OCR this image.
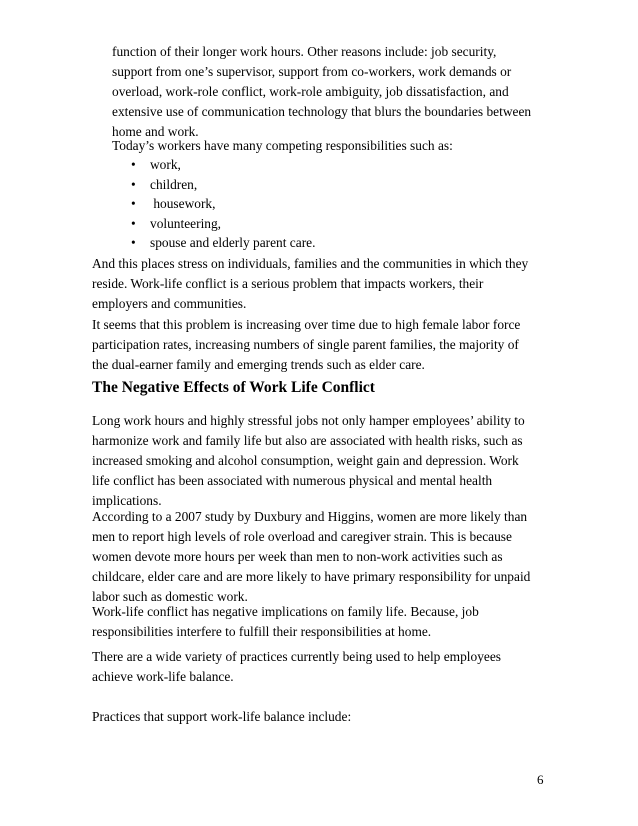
function of their longer work hours. Other reasons include: job security,
support from one’s supervisor, support from co-workers, work demands or
overload, work-role conflict, work-role ambiguity, job dissatisfaction, and
extensive use of communication technology that blurs the boundaries between
home and work.

Today’s workers have many competing responsibilities such as:

• work,
• children,
• housework,
• volunteering,
• spouse and elderly parent care.

And this places stress on individuals, families and the communities in which they
reside. Work-life conflict is a serious problem that impacts workers, their
employers and communities.

It seems that this problem is increasing over time due to high female labor force
participation rates, increasing numbers of single parent families, the majority of
the dual-earner family and emerging trends such as elder care.

The Negative Effects of Work Life Conflict

Long work hours and highly stressful jobs not only hamper employees’ ability to
harmonize work and family life but also are associated with health risks, such as
increased smoking and alcohol consumption, weight gain and depression. Work
life conflict has been associated with numerous physical and mental health
implications.

According to a 2007 study by Duxbury and Higgins, women are more likely than
men to report high levels of role overload and caregiver strain. This is because
women devote more hours per week than men to non-work activities such as
childcare, elder care and are more likely to have primary responsibility for unpaid
labor such as domestic work.

Work-life conflict has negative implications on family life. Because, job
responsibilities interfere to fulfill their responsibilities at home.

There are a wide variety of practices currently being used to help employees
achieve work-life balance.

Practices that support work-life balance include:

6
